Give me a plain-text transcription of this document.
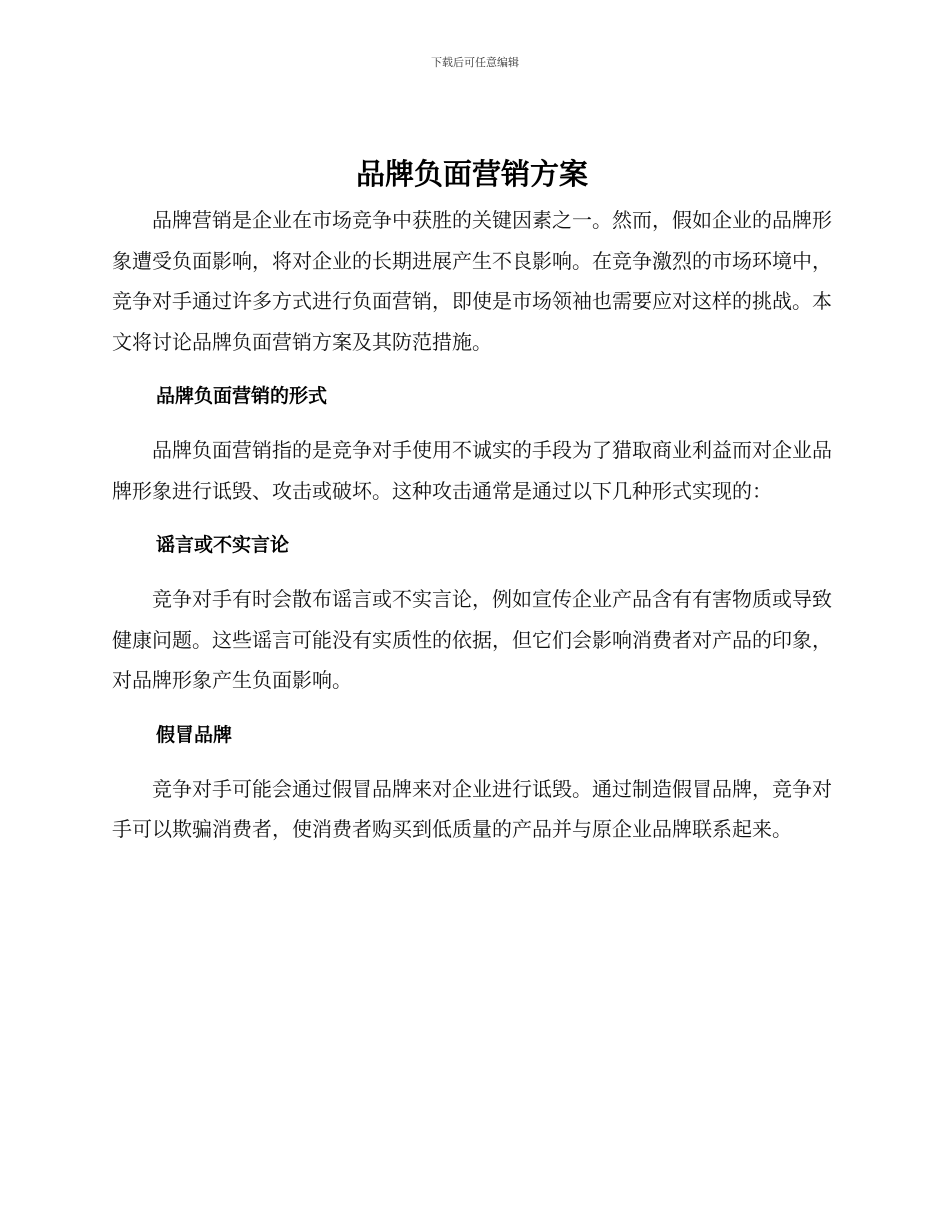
下载后可任意编辑
品牌负面营销方案

品牌营销是企业在市场竞争中获胜的关键因素之一。然而，假如企业的品牌形象遭受负面影响，将对企业的长期进展产生不良影响。在竞争激烈的市场环境中，竞争对手通过许多方式进行负面营销，即使是市场领袖也需要应对这样的挑战。本文将讨论品牌负面营销方案及其防范措施。

品牌负面营销的形式

品牌负面营销指的是竞争对手使用不诚实的手段为了猎取商业利益而对企业品牌形象进行诋毁、攻击或破坏。这种攻击通常是通过以下几种形式实现的：

谣言或不实言论

竞争对手有时会散布谣言或不实言论，例如宣传企业产品含有有害物质或导致健康问题。这些谣言可能没有实质性的依据，但它们会影响消费者对产品的印象，对品牌形象产生负面影响。

假冒品牌

竞争对手可能会通过假冒品牌来对企业进行诋毁。通过制造假冒品牌，竞争对手可以欺骗消费者，使消费者购买到低质量的产品并与原企业品牌联系起来。
